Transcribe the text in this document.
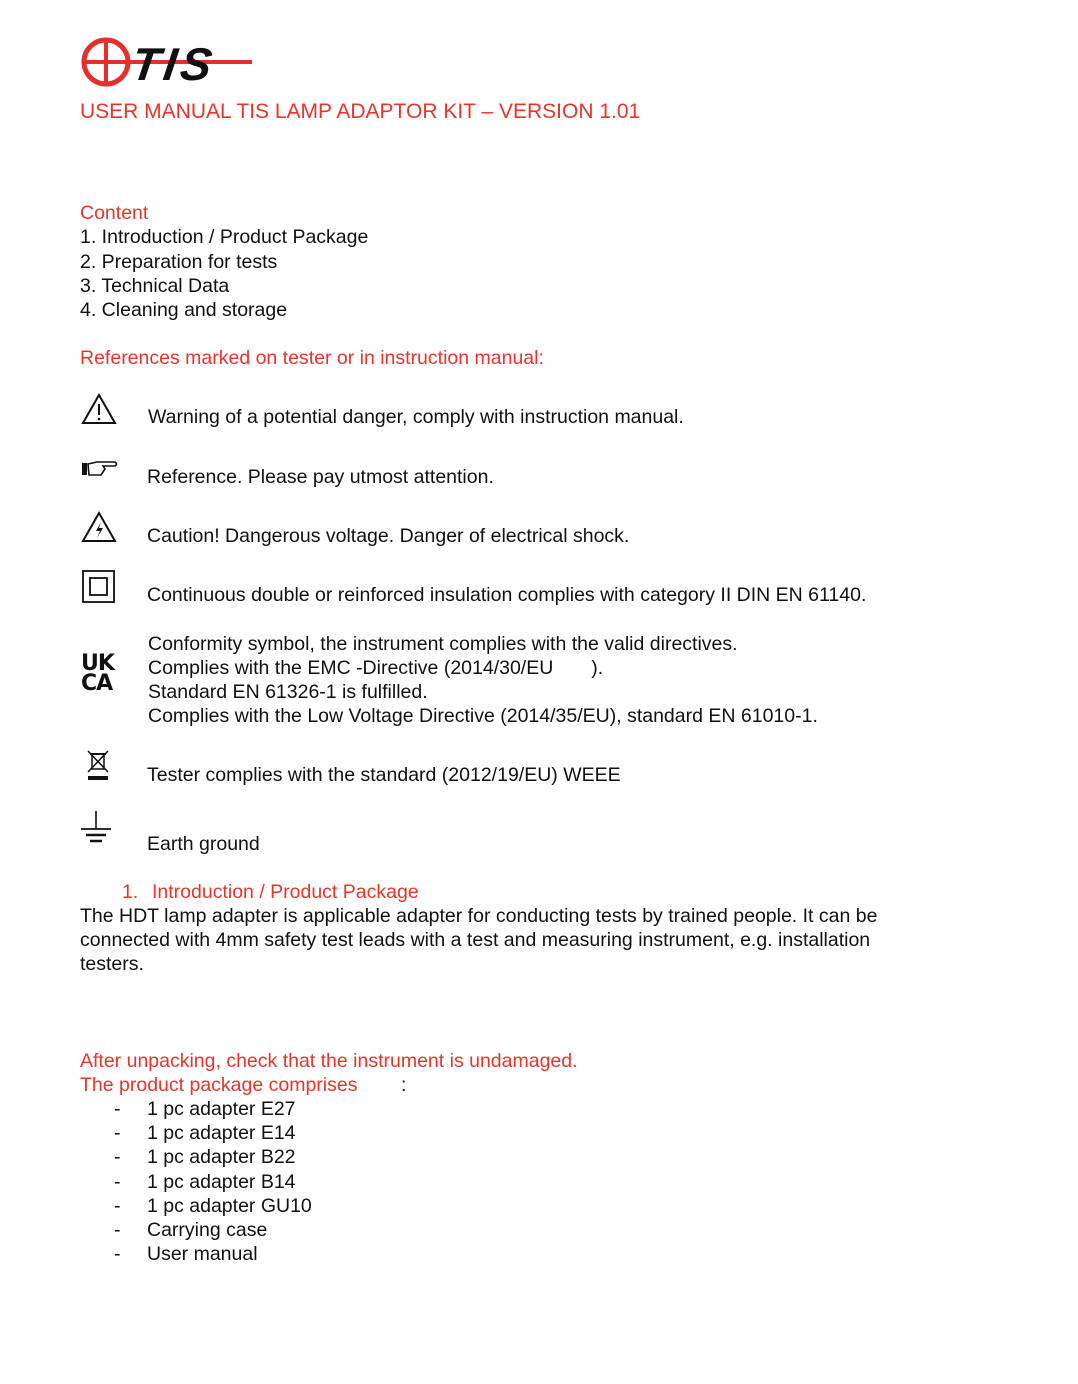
TIS
USER MANUAL TIS LAMP ADAPTOR KIT – VERSION 1.01
Content
1. Introduction / Product Package
2. Preparation for tests
3. Technical Data
4. Cleaning and storage
References marked on tester or in instruction manual:
Warning of a potential danger, comply with instruction manual.
Reference. Please pay utmost attention.
Caution! Dangerous voltage. Danger of electrical shock.
Continuous double or reinforced insulation complies with category II DIN EN 61140.
UK
CA
Conformity symbol, the instrument complies with the valid directives.
Complies with the EMC -Directive (2014/30/EU       ).
Standard EN 61326-1 is fulfilled.
Complies with the Low Voltage Directive (2014/35/EU), standard EN 61010-1.
Tester complies with the standard (2012/19/EU) WEEE
Earth ground
1. Introduction / Product Package
The HDT lamp adapter is applicable adapter for conducting tests by trained people. It can be
connected with 4mm safety test leads with a test and measuring instrument, e.g. installation
testers.
After unpacking, check that the instrument is undamaged.
The product package comprises :
- 1 pc adapter E27
- 1 pc adapter E14
- 1 pc adapter B22
- 1 pc adapter B14
- 1 pc adapter GU10
- Carrying case
- User manual
